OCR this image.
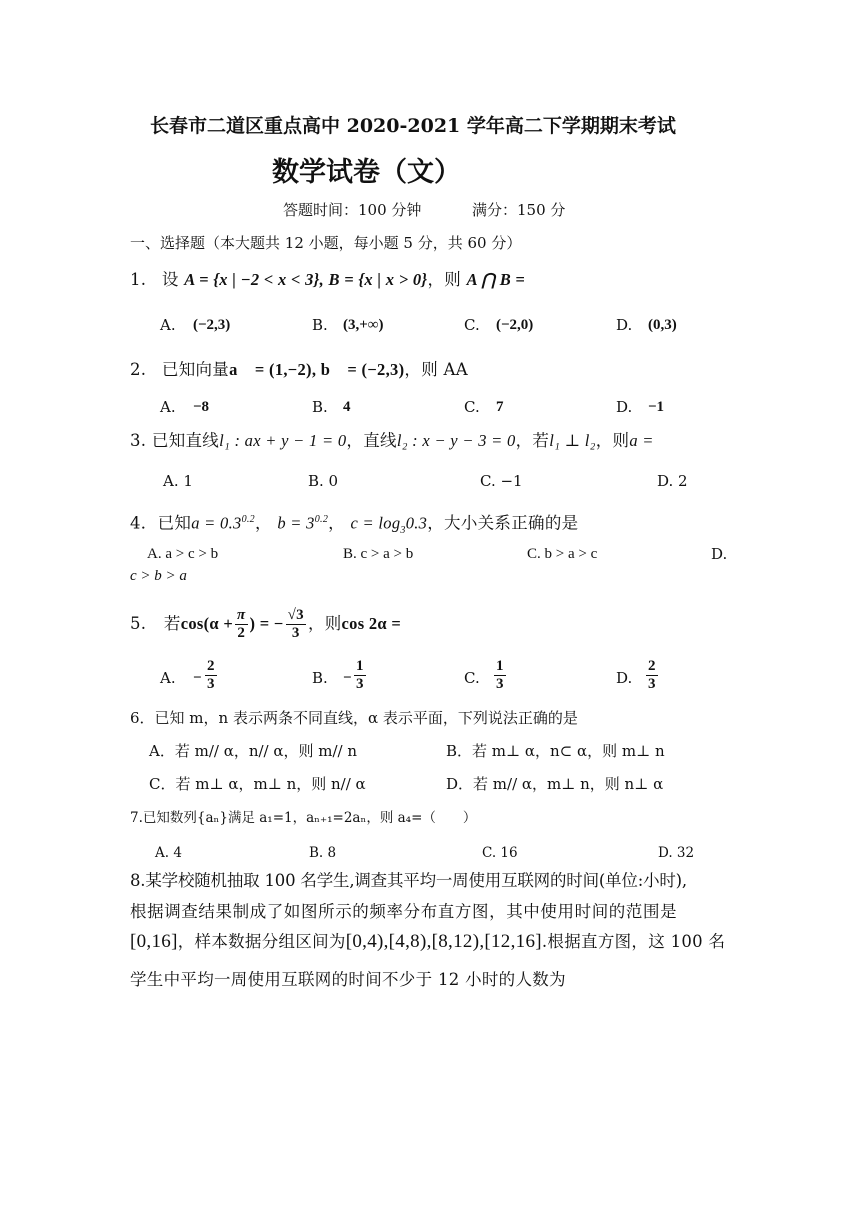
长春市二道区重点高中 2020-2021 学年高二下学期期末考试
数学试卷（文）
答题时间：100 分钟	满分：150 分
一、选择题（本大题共 12 小题，每小题 5 分，共 60 分）
1. 设 A = {x | −2 < x < 3}, B = {x | x > 0}，则 A ⋂ B =
A. (−2,3)	B. (3,+∞)	C. (−2,0)	D. (0,3)
2. 已知向量a⃗ = (1,−2), b⃗ = (−2,3)，则 AA
A. −8	B. 4	C. 7	D. −1
3. 已知直线l₁ : ax + y − 1 = 0，直线l₂ : x − y − 3 = 0，若l₁ ⊥ l₂，则a =
A. 1	B. 0	C. −1	D. 2
4．已知$a = 0.3^{0.2}$， $b = 3^{0.2}$， $c = \log_30.3$，大小关系正确的是
A. a > c > b	B. c > a > b	C. b > a > c	D.
c > b > a
5. 若$\cos(\alpha + \frac{\pi}{2}$ ) = − $\frac{√3}{3}$ ，则cos 2α =
A. − $\frac{2}{3}$	B. − $\frac{1}{3}$	C. $\frac{1}{3}$	D. $\frac{2}{3}$
6．已知 m，n 表示两条不同直线，α 表示平面，下列说法正确的是
A．若 m// α，n// α，则 m// n	B．若 m⊥ α，n⊂ α，则 m⊥ n
C．若 m⊥ α，m⊥ n，则 n// α	D．若 m// α，m⊥ n，则 n⊥ α
7.已知数列{aₙ}满足 a₁=1，aₙ₊₁=2aₙ，则 a₄=（　　）
A. 4	B. 8	C. 16	D. 32
8.某学校随机抽取 100 名学生,调查其平均一周使用互联网的时间(单位:小时),
根据调查结果制成了如图所示的频率分布直方图，其中使用时间的范围是
[0,16]，样本数据分组区间为[0,4),[4,8),[8,12),[12,16].根据直方图，这 100 名
学生中平均一周使用互联网的时间不少于 12 小时的人数为
